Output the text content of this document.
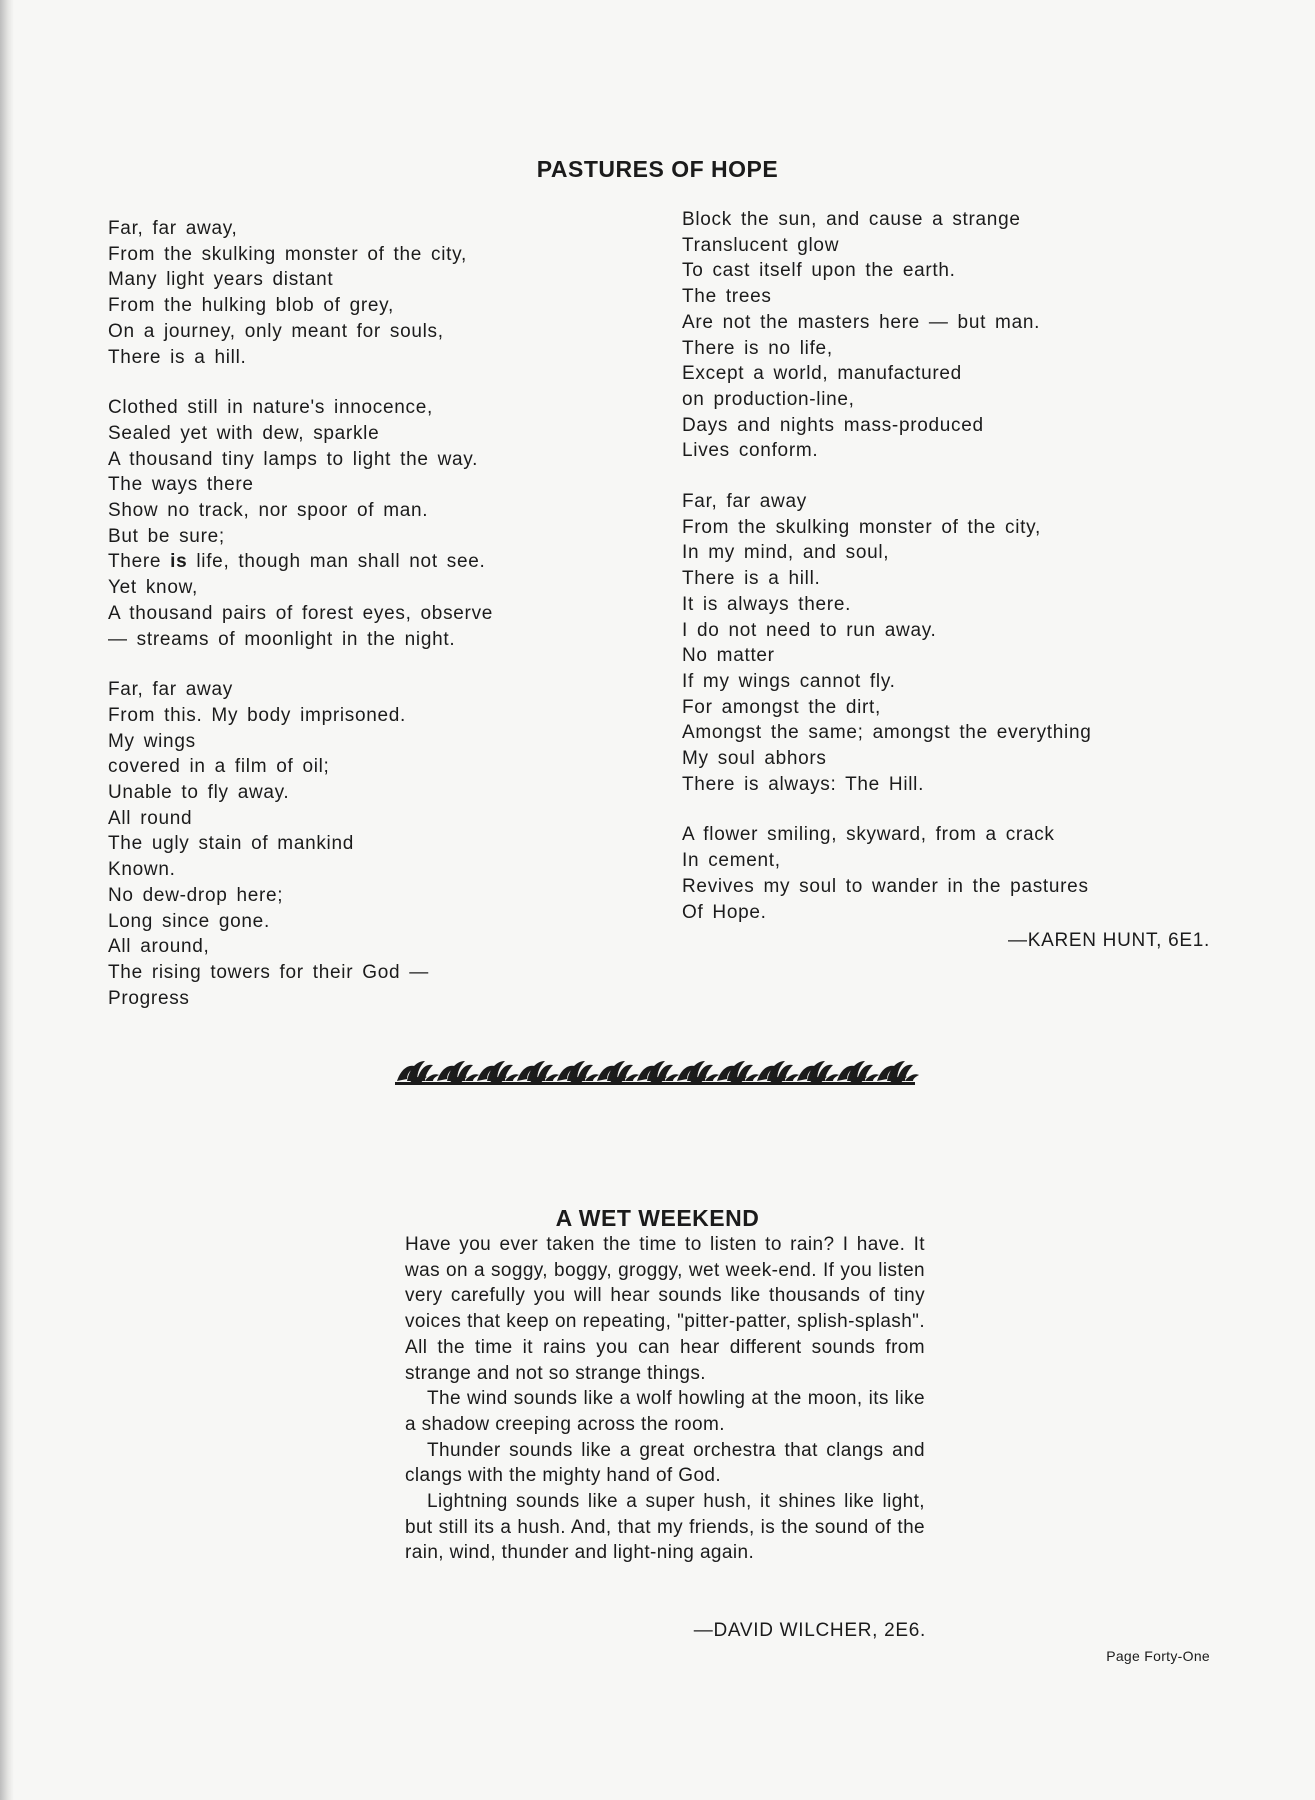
PASTURES OF HOPE
Far, far away,
From the skulking monster of the city,
Many light years distant
From the hulking blob of grey,
On a journey, only meant for souls,
There is a hill.
Clothed still in nature's innocence,
Sealed yet with dew, sparkle
A thousand tiny lamps to light the way.
The ways there
Show no track, nor spoor of man.
But be sure;
There is life, though man shall not see.
Yet know,
A thousand pairs of forest eyes, observe
— streams of moonlight in the night.
Far, far away
From this. My body imprisoned.
My wings
covered in a film of oil;
Unable to fly away.
All round
The ugly stain of mankind
Known.
No dew-drop here;
Long since gone.
All around,
The rising towers for their God —
Progress
Block the sun, and cause a strange
Translucent glow
To cast itself upon the earth.
The trees
Are not the masters here — but man.
There is no life,
Except a world, manufactured
on production-line,
Days and nights mass-produced
Lives conform.
Far, far away
From the skulking monster of the city,
In my mind, and soul,
There is a hill.
It is always there.
I do not need to run away.
No matter
If my wings cannot fly.
For amongst the dirt,
Amongst the same; amongst the everything
My soul abhors
There is always: The Hill.
A flower smiling, skyward, from a crack
In cement,
Revives my soul to wander in the pastures
Of Hope.
—KAREN HUNT, 6E1.
A WET WEEKEND

Have you ever taken the time to listen to rain? I have. It was on a soggy, boggy, groggy, wet week-end. If you listen very carefully you will hear sounds like thousands of tiny voices that keep on repeating, "pitter-patter, splish-splash". All the time it rains you can hear different sounds from strange and not so strange things.

The wind sounds like a wolf howling at the moon, its like a shadow creeping across the room.

Thunder sounds like a great orchestra that clangs and clangs with the mighty hand of God.

Lightning sounds like a super hush, it shines like light, but still its a hush. And, that my friends, is the sound of the rain, wind, thunder and light-ning again.

—DAVID WILCHER, 2E6.
Page Forty-One
